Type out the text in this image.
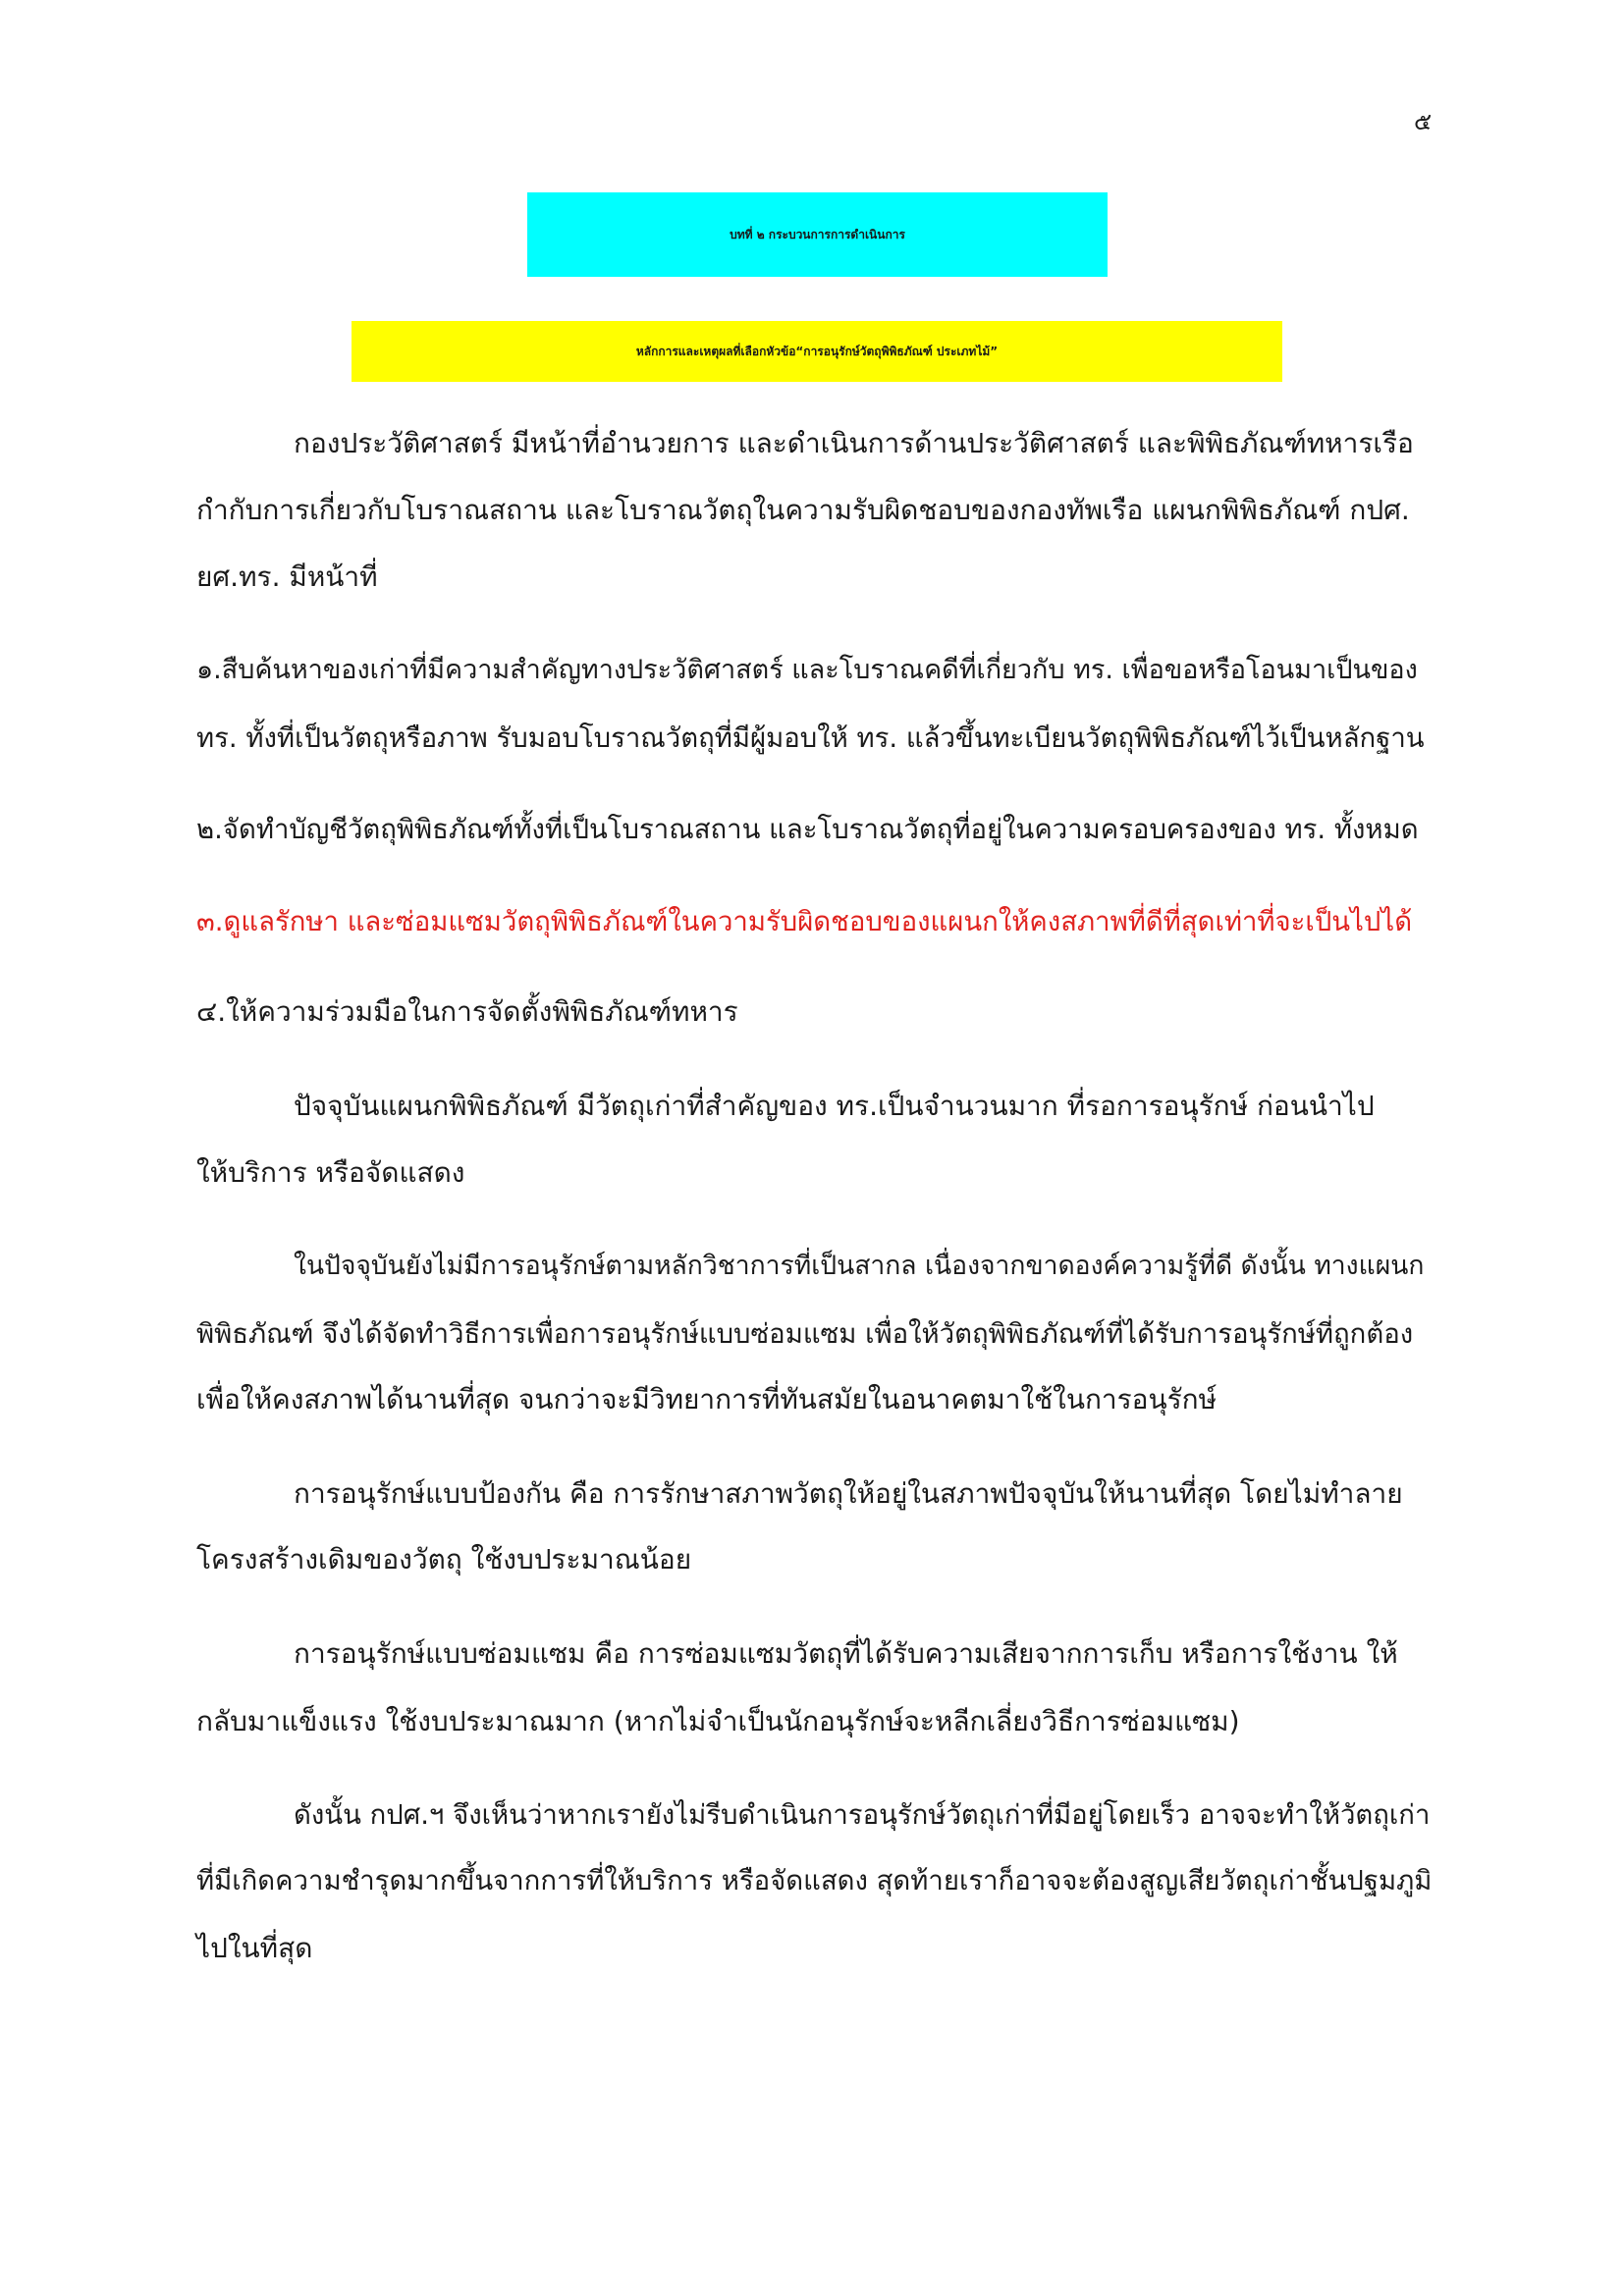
๕
บทที่ ๒ กระบวนการการดำเนินการ
หลักการและเหตุผลที่เลือกหัวข้อ“การอนุรักษ์วัตถุพิพิธภัณฑ์ ประเภทไม้”
กองประวัติศาสตร์ มีหน้าที่อำนวยการ และดำเนินการด้านประวัติศาสตร์ และพิพิธภัณฑ์ทหารเรือ
กำกับการเกี่ยวกับโบราณสถาน และโบราณวัตถุในความรับผิดชอบของกองทัพเรือ แผนกพิพิธภัณฑ์ กปศ.
ยศ.ทร. มีหน้าที่
๑.สืบค้นหาของเก่าที่มีความสำคัญทางประวัติศาสตร์ และโบราณคดีที่เกี่ยวกับ ทร. เพื่อขอหรือโอนมาเป็นของ
ทร. ทั้งที่เป็นวัตถุหรือภาพ รับมอบโบราณวัตถุที่มีผู้มอบให้ ทร. แล้วขึ้นทะเบียนวัตถุพิพิธภัณฑ์ไว้เป็นหลักฐาน
๒.จัดทำบัญชีวัตถุพิพิธภัณฑ์ทั้งที่เป็นโบราณสถาน และโบราณวัตถุที่อยู่ในความครอบครองของ ทร. ทั้งหมด
๓.ดูแลรักษา และซ่อมแซมวัตถุพิพิธภัณฑ์ในความรับผิดชอบของแผนกให้คงสภาพที่ดีที่สุดเท่าที่จะเป็นไปได้
๔.ให้ความร่วมมือในการจัดตั้งพิพิธภัณฑ์ทหาร
ปัจจุบันแผนกพิพิธภัณฑ์ มีวัตถุเก่าที่สำคัญของ ทร.เป็นจำนวนมาก ที่รอการอนุรักษ์ ก่อนนำไป
ให้บริการ หรือจัดแสดง
ในปัจจุบันยังไม่มีการอนุรักษ์ตามหลักวิชาการที่เป็นสากล เนื่องจากขาดองค์ความรู้ที่ดี ดังนั้น ทางแผนก
พิพิธภัณฑ์ จึงได้จัดทำวิธีการเพื่อการอนุรักษ์แบบซ่อมแซม เพื่อให้วัตถุพิพิธภัณฑ์ที่ได้รับการอนุรักษ์ที่ถูกต้อง
เพื่อให้คงสภาพได้นานที่สุด จนกว่าจะมีวิทยาการที่ทันสมัยในอนาคตมาใช้ในการอนุรักษ์
การอนุรักษ์แบบป้องกัน คือ การรักษาสภาพวัตถุให้อยู่ในสภาพปัจจุบันให้นานที่สุด โดยไม่ทำลาย
โครงสร้างเดิมของวัตถุ ใช้งบประมาณน้อย
การอนุรักษ์แบบซ่อมแซม คือ การซ่อมแซมวัตถุที่ได้รับความเสียจากการเก็บ หรือการใช้งาน ให้
กลับมาแข็งแรง ใช้งบประมาณมาก (หากไม่จำเป็นนักอนุรักษ์จะหลีกเลี่ยงวิธีการซ่อมแซม)
ดังนั้น กปศ.ฯ จึงเห็นว่าหากเรายังไม่รีบดำเนินการอนุรักษ์วัตถุเก่าที่มีอยู่โดยเร็ว อาจจะทำให้วัตถุเก่า
ที่มีเกิดความชำรุดมากขึ้นจากการที่ให้บริการ หรือจัดแสดง สุดท้ายเราก็อาจจะต้องสูญเสียวัตถุเก่าชั้นปฐมภูมิ
ไปในที่สุด
